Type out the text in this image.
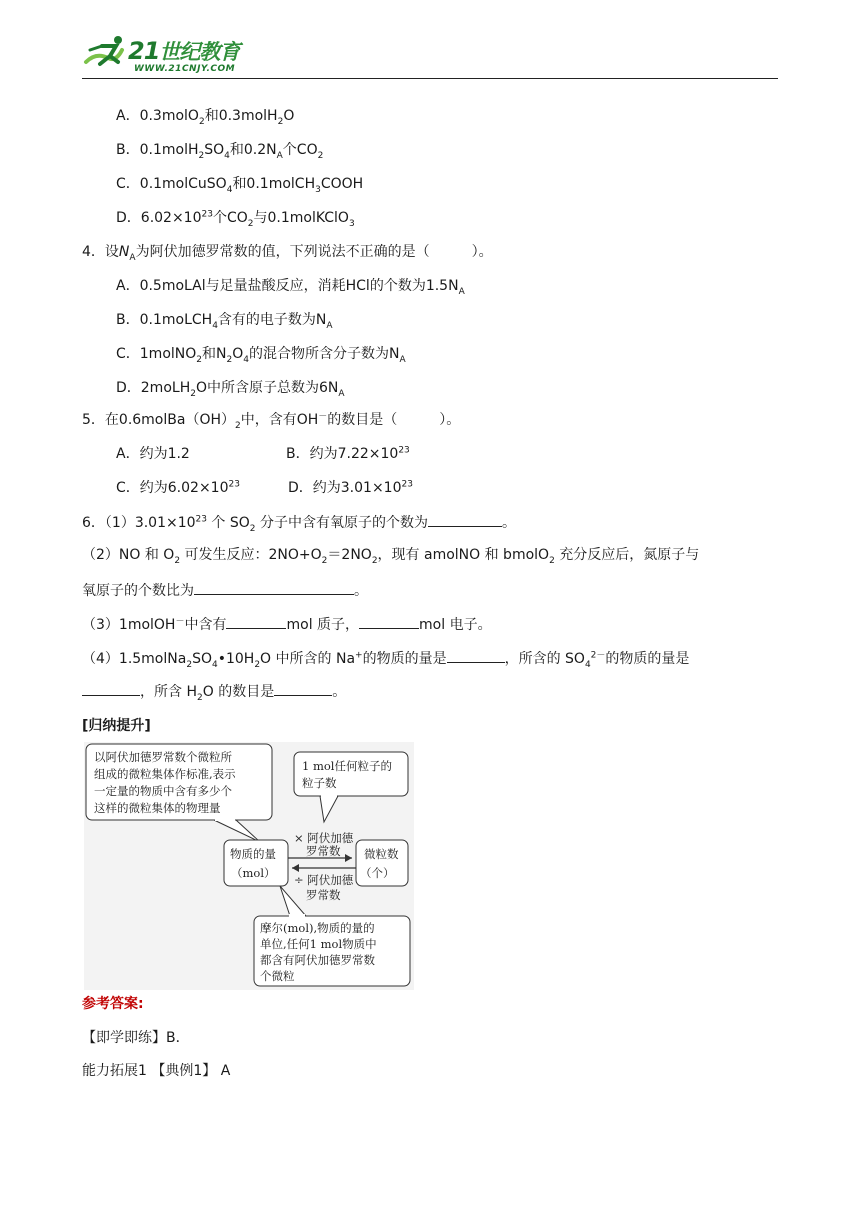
21世纪教育
WWW.21CNJY.COM
A．0.3molO$_2$和0.3molH$_2$O
B．$0.1molH_2SO_4$和$0.2N_A$个$CO_2$
C．0.1molCuSO$_4$和0.1molCH$_3$COOH
D．$6.02\times 10^{23}$个$CO_2$与0.1molKClO$_3$
4．设$N_A$为阿伏加德罗常数的值，下列说法不正确的是（	）。
A．0.5moLAl与足量盐酸反应，消耗HCl的个数为$1.5N_A$
B．0.1moLCH$_4$含有的电子数为$N_A$
C．1molNO$_2$和$N_2O_4$的混合物所含分子数为$N_A$
D．2moLH$_2$O中所含原子总数为$6N_A$
5．在$0.6molBa(OH)_2$中，含有OH－的数目是（	）。
A．约为1.2	B．约为$7.22\times 10^{23}$
C．约为$6.02\times 10^{23}$	D．约为$3.01\times 10^{23}$
6．$(1)3.01\times 10^{23}$ 个 $SO_2$ 分子中含有氧原子的个数为	。
（2）NO 和 $O_2$ 可发生反应：$2NO+O_2=2NO_2$，现有 amolNO 和 bmolO$_2$ 充分反应后，氮原子与
氧原子的个数比为	。
（3）1molOH－中含有	mol 质子，	mol 电子。
$(4)1.5molNa_2SO_4•10H_2O$ 中所含的 Na+的物质的量是	，所含的 $SO_4^{2-}$的物质的量是
，所含 $H_2O$ 的数目是	。
[归纳提升]
以阿伏加德罗常数个微粒所
组成的微粒集体作标准,表示
一定量的物质中含有多少个
这样的微粒集体的物理量
1 mol任何粒子的
粒子数
物质的量
（mol）
微粒数
（个）
× 阿伏加德
罗常数
÷ 阿伏加德
罗常数
摩尔(mol),物质的量的
单位,任何1 mol物质中
都含有阿伏加德罗常数
个微粒
参考答案:
【即学即练】B．
能力拓展1 【典例1】 A
